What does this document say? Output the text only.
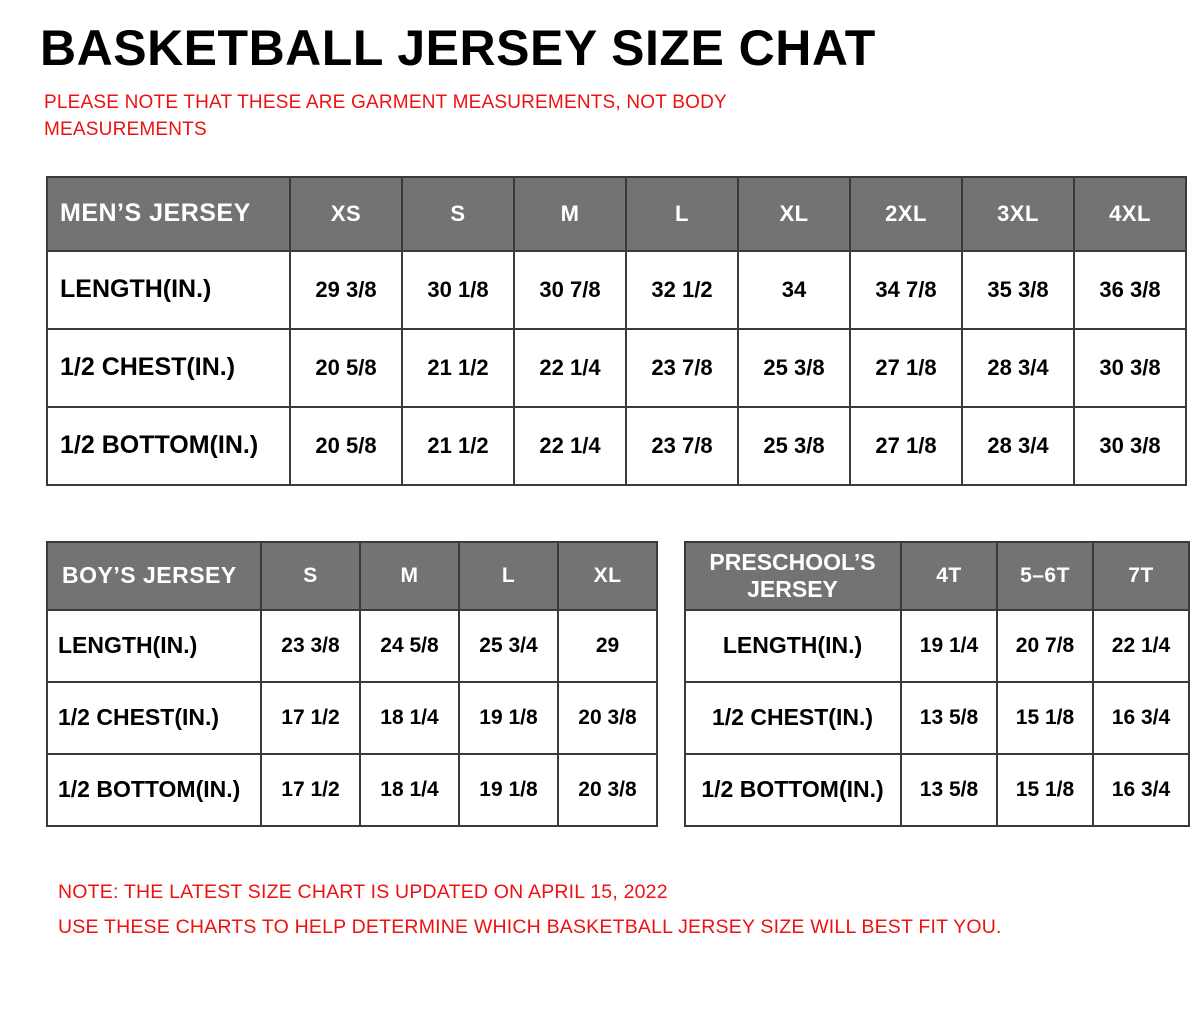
BASKETBALL JERSEY SIZE CHAT

PLEASE NOTE THAT THESE ARE GARMENT MEASUREMENTS, NOT BODY MEASUREMENTS

MEN’S JERSEY	XS	S	M	L	XL	2XL	3XL	4XL
LENGTH(IN.)	29 3/8	30 1/8	30 7/8	32 1/2	34	34 7/8	35 3/8	36 3/8
1/2 CHEST(IN.)	20 5/8	21 1/2	22 1/4	23 7/8	25 3/8	27 1/8	28 3/4	30 3/8
1/2 BOTTOM(IN.)	20 5/8	21 1/2	22 1/4	23 7/8	25 3/8	27 1/8	28 3/4	30 3/8
BOY’S JERSEY	S	M	L	XL
LENGTH(IN.)	23 3/8	24 5/8	25 3/4	29
1/2 CHEST(IN.)	17 1/2	18 1/4	19 1/8	20 3/8
1/2 BOTTOM(IN.)	17 1/2	18 1/4	19 1/8	20 3/8
PRESCHOOL’S JERSEY	4T	5–6T	7T
LENGTH(IN.)	19 1/4	20 7/8	22 1/4
1/2 CHEST(IN.)	13 5/8	15 1/8	16 3/4
1/2 BOTTOM(IN.)	13 5/8	15 1/8	16 3/4
NOTE: THE LATEST SIZE CHART IS UPDATED ON APRIL 15, 2022
USE THESE CHARTS TO HELP DETERMINE WHICH BASKETBALL JERSEY SIZE WILL BEST FIT YOU.
